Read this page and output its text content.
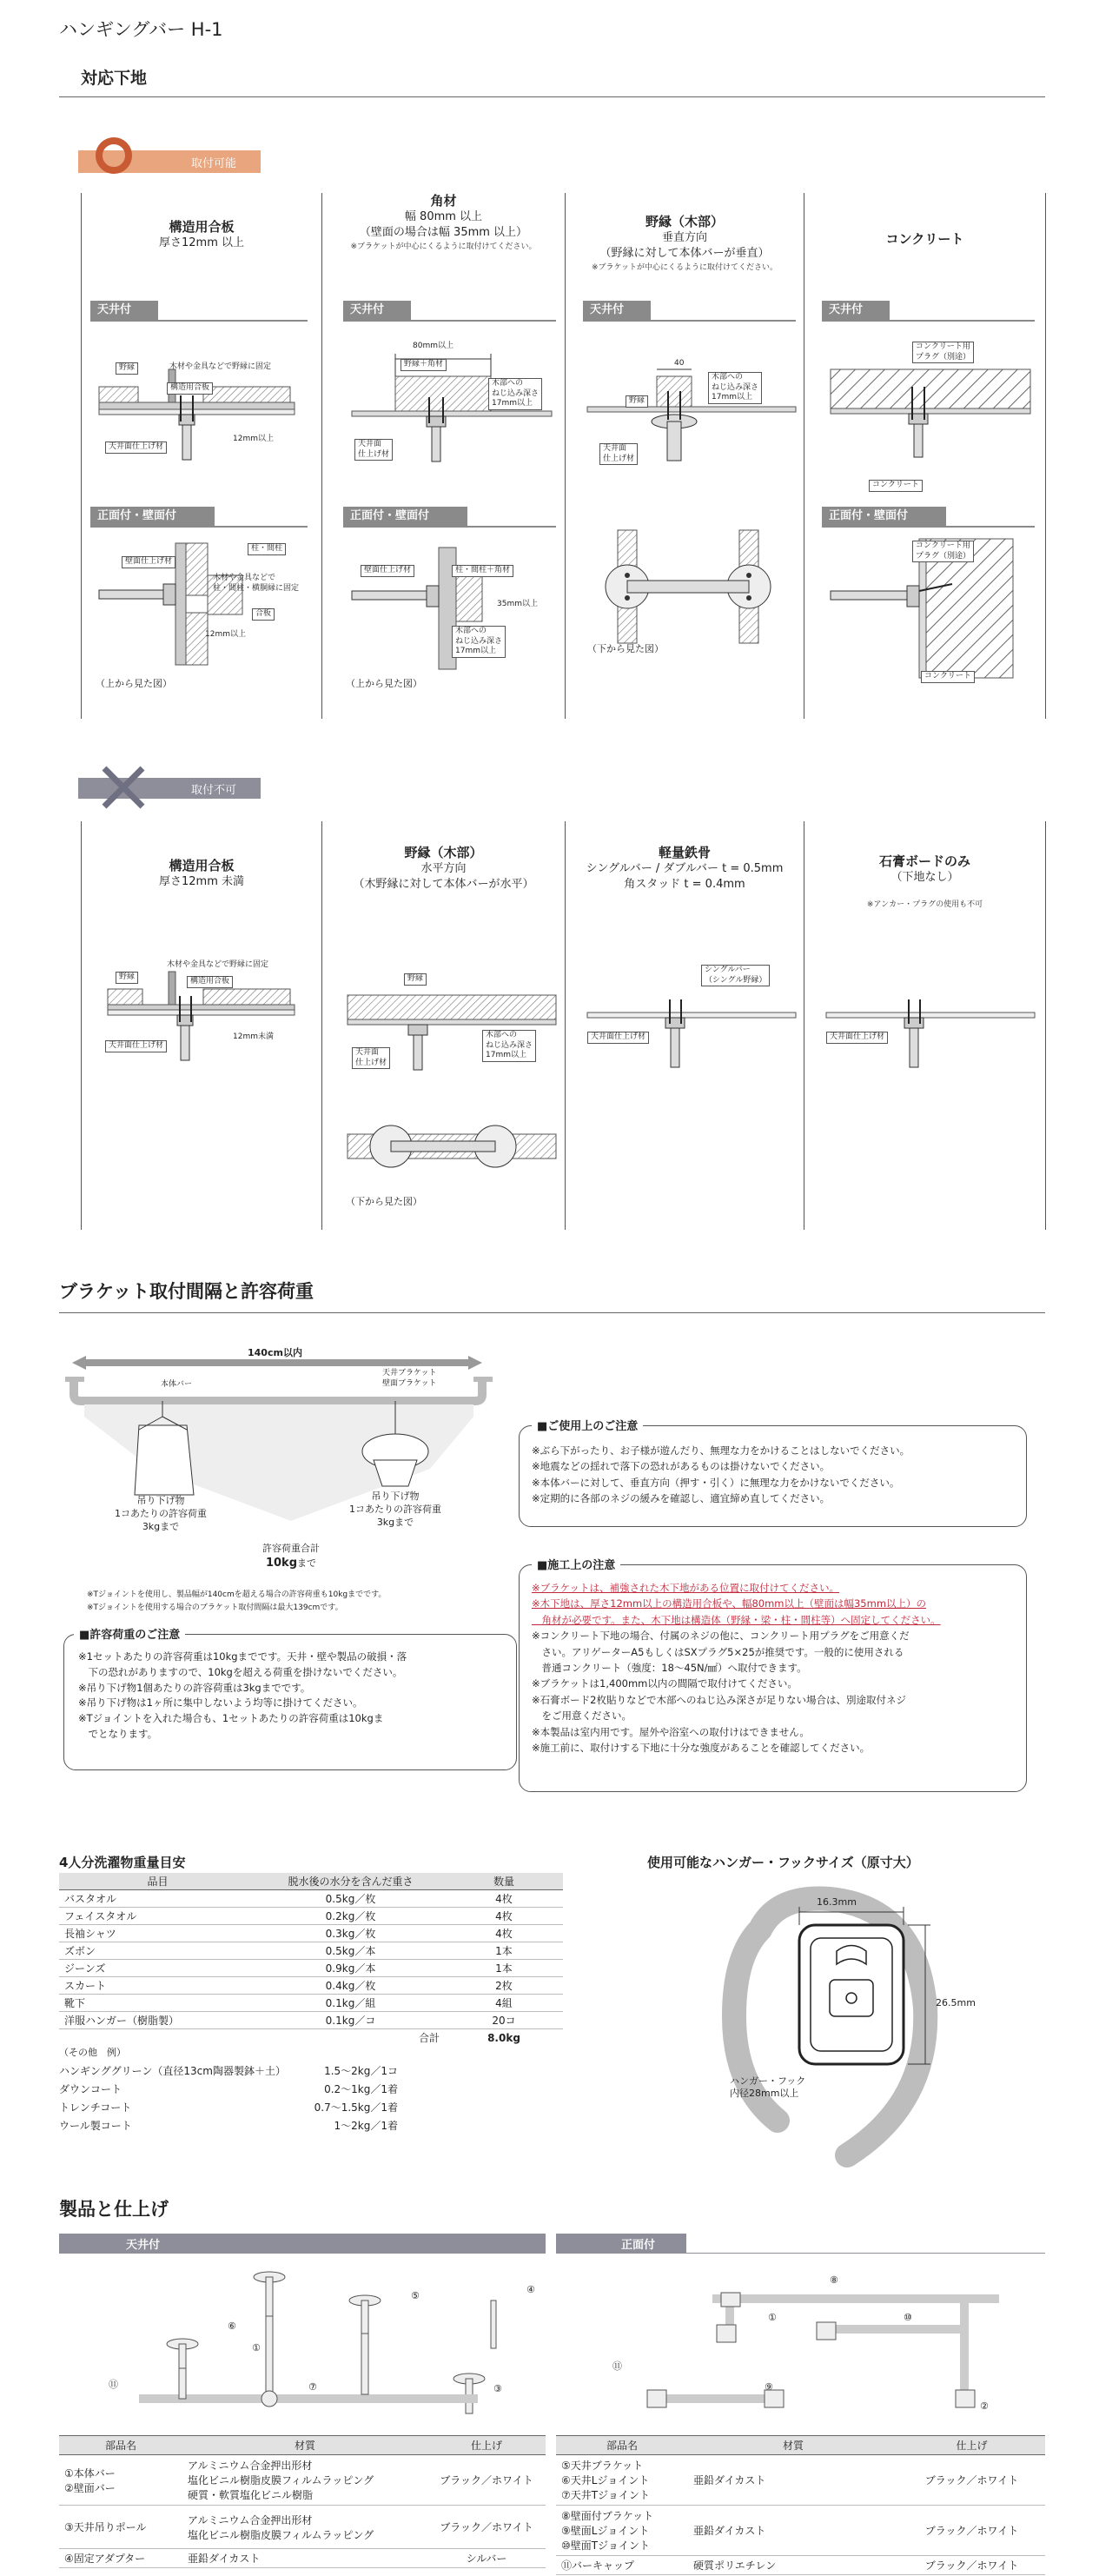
ハンギングバー H-1
対応下地
取付可能
構造用合板
厚さ12mm 以上
角材
幅 80mm 以上
（壁面の場合は幅 35mm 以上）
※ブラケットが中心にくるように取付けてください。
野縁（木部）
垂直方向
（野縁に対して本体バーが垂直）
※ブラケットが中心にくるように取付けてください。
コンクリート
天井付	天井付	天井付	天井付
野縁	木材や金具などで野縁に固定
構造用合板
天井面仕上げ材
12mm以上
80mm以上
野縁＋角材
木部への
ねじ込み深さ
17mm以上
天井面
仕上げ材
40
木部への
ねじ込み深さ
17mm以上
野縁
天井面
仕上げ材
コンクリート用
プラグ（別途）
コンクリート
正面付・壁面付	正面付・壁面付	正面付・壁面付
壁面仕上げ材
柱・間柱
木材や金具などで
柱・間柱・横胴縁に固定
合板
12mm以上
（上から見た図）
壁面仕上げ材	柱・間柱＋角材
35mm以上
木部への
ねじ込み深さ
17mm以上
（上から見た図）
（下から見た図）
コンクリート用
プラグ（別途）
コンクリート
取付不可
構造用合板
厚さ12mm 未満
野縁（木部）
水平方向
（木野縁に対して本体バーが水平）
軽量鉄骨
シングルバー / ダブルバー t = 0.5mm
角スタッド t = 0.4mm
石膏ボードのみ
（下地なし）
※アンカー・プラグの使用も不可
野縁
木材や金具などで野縁に固定
構造用合板
天井面仕上げ材
12mm未満
野縁
天井面
仕上げ材
木部への
ねじ込み深さ
17mm以上
（下から見た図）
シングルバー
（シングル野縁）
天井面仕上げ材	天井面仕上げ材
ブラケット取付間隔と許容荷重
140cm以内
本体バー
天井ブラケット
壁面ブラケット
吊り下げ物
1コあたりの許容荷重
3kgまで
吊り下げ物
1コあたりの許容荷重
3kgまで
許容荷重合計
10kgまで
※Tジョイントを使用し、製品幅が140cmを超える場合の許容荷重も10kgまでです。
※Tジョイントを使用する場合のブラケット取付間隔は最大139cmです。
■許容荷重のご注意
※1セットあたりの許容荷重は10kgまでです。天井・壁や製品の破損・落
　下の恐れがありますので、10kgを超える荷重を掛けないでください。
※吊り下げ物1個あたりの許容荷重は3kgまでです。
※吊り下げ物は1ヶ所に集中しないよう均等に掛けてください。
※Tジョイントを入れた場合も、1セットあたりの許容荷重は10kgま
　でとなります。
■ご使用上のご注意
※ぶら下がったり、お子様が遊んだり、無理な力をかけることはしないでください。
※地震などの揺れで落下の恐れがあるものは掛けないでください。
※本体バーに対して、垂直方向（押す・引く）に無理な力をかけないでください。
※定期的に各部のネジの緩みを確認し、適宜締め直してください。
■施工上の注意
※ブラケットは、補強された木下地がある位置に取付けてください。
※木下地は、厚さ12mm以上の構造用合板や、幅80mm以上（壁面は幅35mm以上）の
　角材が必要です。また、木下地は構造体（野縁・梁・柱・間柱等）へ固定してください。
※コンクリート下地の場合、付属のネジの他に、コンクリート用プラグをご用意くだ
　さい。アリゲーターA5もしくはSXプラグ5×25が推奨です。一般的に使用される
　普通コンクリート（強度：18〜45N/㎟）へ取付できます。
※ブラケットは1,400mm以内の間隔で取付けてください。
※石膏ボード2枚貼りなどで木部へのねじ込み深さが足りない場合は、別途取付ネジ
　をご用意ください。
※本製品は室内用です。屋外や浴室への取付けはできません。
※施工前に、取付けする下地に十分な強度があることを確認してください。
4人分洗濯物重量目安
品目	脱水後の水分を含んだ重さ	数量
バスタオル	0.5kg／枚	4枚
フェイスタオル	0.2kg／枚	4枚
長袖シャツ	0.3kg／枚	4枚
ズボン	0.5kg／本	1本
ジーンズ	0.9kg／本	1本
スカート	0.4kg／枚	2枚
靴下	0.1kg／組	4組
洋服ハンガー（樹脂製）	0.1kg／コ	20コ
	合計	8.0kg
（その他　例）
ハンギンググリーン（直径13cm陶器製鉢＋土）	1.5〜2kg／1コ
ダウンコート	0.2〜1kg／1着
トレンチコート	0.7〜1.5kg／1着
ウール製コート	1〜2kg／1着
使用可能なハンガー・フックサイズ（原寸大）
16.3mm
26.5mm
ハンガー・フック
内径28mm以上
製品と仕上げ
天井付	正面付
⑤
⑥
①
⑦	③
⑪
④
⑧
①	⑩
⑪
⑨
②
部品名	材質	仕上げ
①本体バー
②壁面バー	アルミニウム合金押出形材
塩化ビニル樹脂皮膜フィルムラッピング
硬質・軟質塩化ビニル樹脂	ブラック／ホワイト
③天井吊りポール	アルミニウム合金押出形材
塩化ビニル樹脂皮膜フィルムラッピング	ブラック／ホワイト
④固定アダプター	亜鉛ダイカスト	シルバー
部品名	材質	仕上げ
⑤天井ブラケット
⑥天井Lジョイント
⑦天井Tジョイント	亜鉛ダイカスト	ブラック／ホワイト
⑧壁面付ブラケット
⑨壁面Lジョイント
⑩壁面Tジョイント	亜鉛ダイカスト	ブラック／ホワイト
⑪バーキャップ	硬質ポリエチレン	ブラック／ホワイト
